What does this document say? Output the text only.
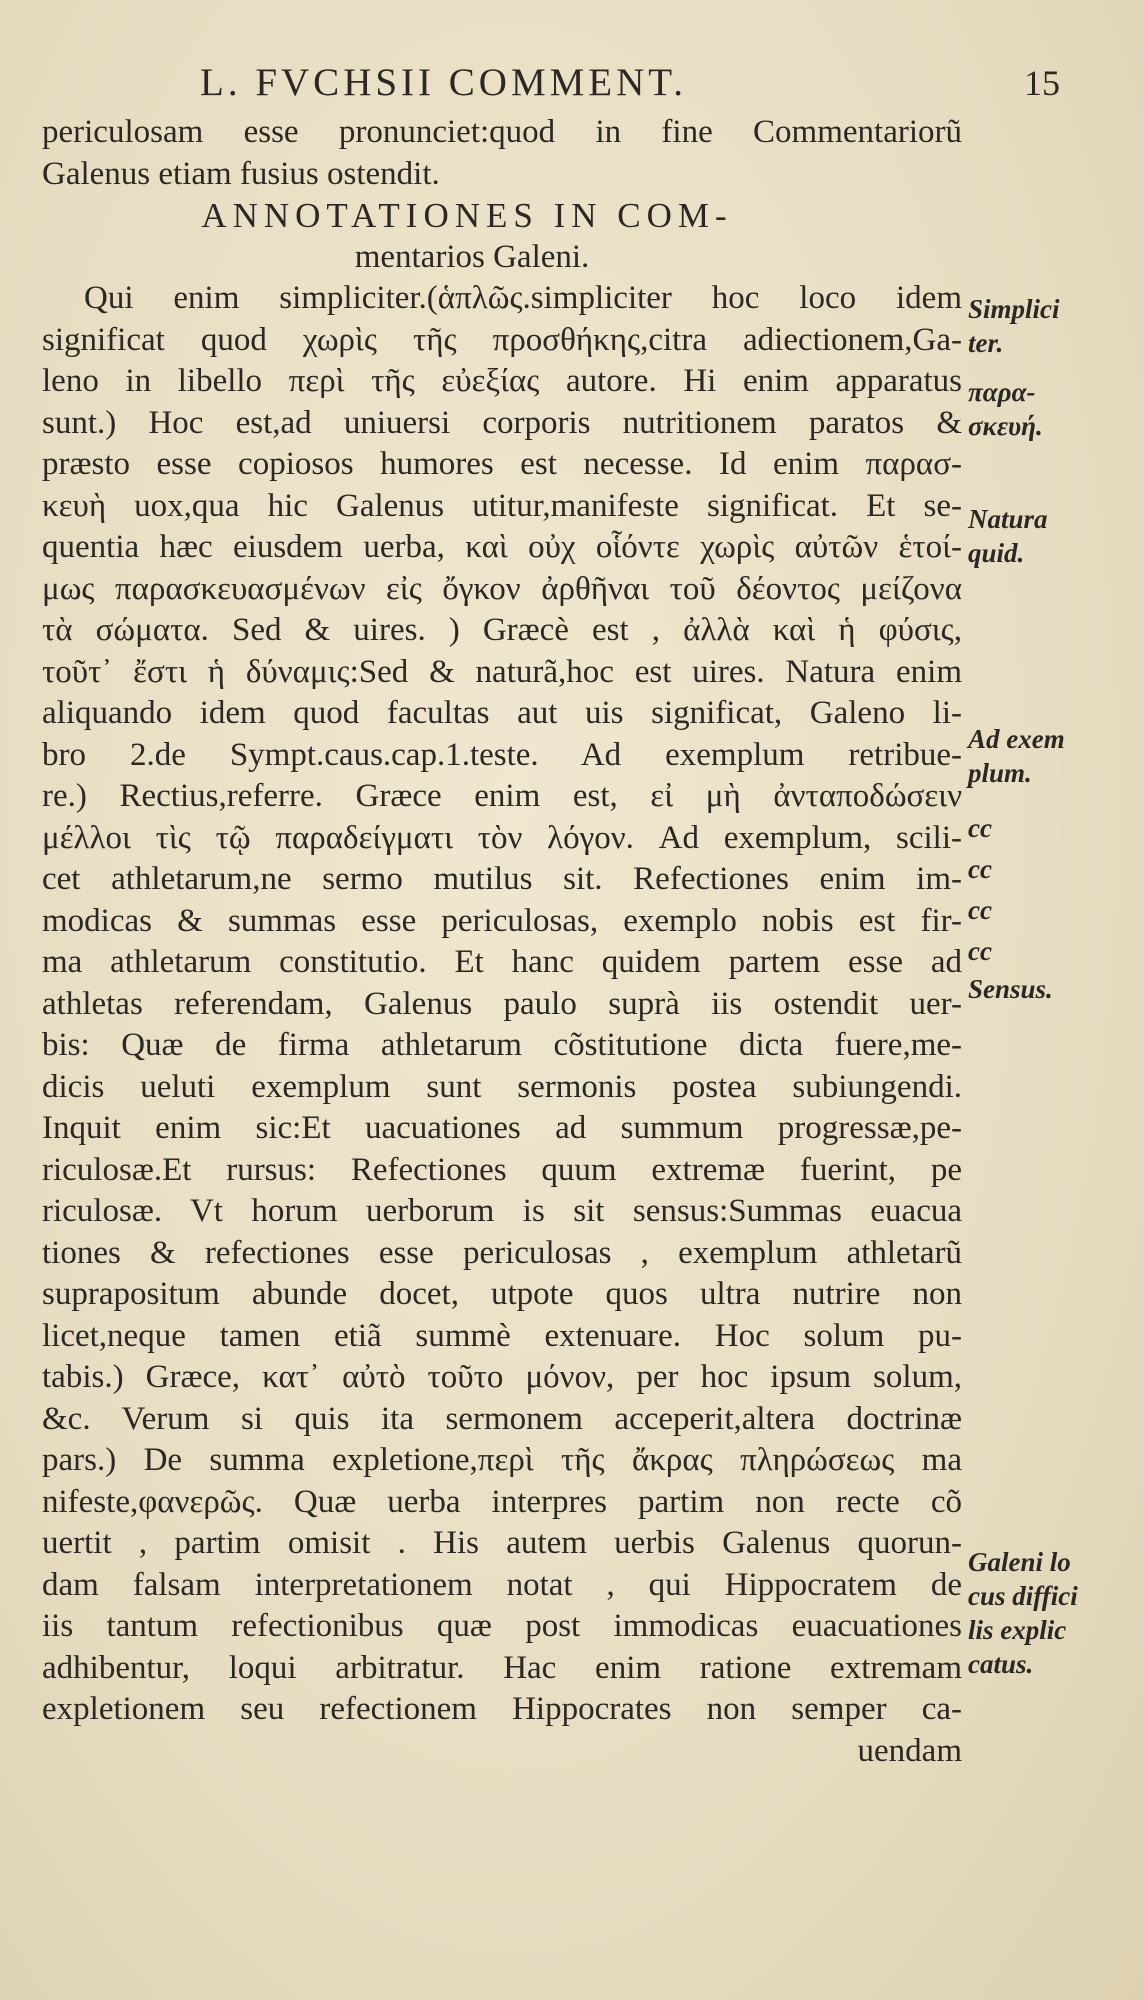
L. FVCHSII COMMENT.	15
periculosam esse pronunciet:quod in fine Commentariorũ
Galenus etiam fusius ostendit.
ANNOTATIONES IN COM-
mentarios Galeni.
Qui enim simpliciter.(ἁπλῶς.simpliciter hoc loco idem
significat quod χωρὶς τῆς προσθήκης,citra adiectionem,Ga-
leno in libello περὶ τῆς εὐεξίας autore. Hi enim apparatus
sunt.) Hoc est,ad uniuersi corporis nutritionem paratos &
præsto esse copiosos humores est necesse. Id enim παρασ-
κευὴ uox,qua hic Galenus utitur,manifeste significat. Et se-
quentia hæc eiusdem uerba, καὶ οὐχ οἷόντε χωρὶς αὐτῶν ἑτοί-
μως παρασκευασμένων εἰς ὄγκον ἀρθῆναι τοῦ δέοντος μείζονα
τὰ σώματα. Sed & uires. ) Græcè est , ἀλλὰ καὶ ἡ φύσις,
τοῦτ᾿ ἔστι ἡ δύναμις:Sed & naturã,hoc est uires. Natura enim
aliquando idem quod facultas aut uis significat, Galeno li-
bro 2.de Sympt.caus.cap.1.teste. Ad exemplum retribue-
re.) Rectius,referre. Græce enim est, εἰ μὴ ἀνταποδώσειν
μέλλοι τὶς τῷ παραδείγματι τὸν λόγον. Ad exemplum, scili-
cet athletarum,ne sermo mutilus sit. Refectiones enim im-
modicas & summas esse periculosas, exemplo nobis est fir-
ma athletarum constitutio. Et hanc quidem partem esse ad
athletas referendam, Galenus paulo suprà iis ostendit uer-
bis: Quæ de firma athletarum cõstitutione dicta fuere,me-
dicis ueluti exemplum sunt sermonis postea subiungendi.
Inquit enim sic:Et uacuationes ad summum progressæ,pe-
riculosæ.Et rursus: Refectiones quum extremæ fuerint, pe
riculosæ. Vt horum uerborum is sit sensus:Summas euacua
tiones & refectiones esse periculosas , exemplum athletarũ
suprapositum abunde docet, utpote quos ultra nutrire non
licet,neque tamen etiã summè extenuare. Hoc solum pu-
tabis.) Græce, κατ᾿ αὐτὸ τοῦτο μόνον, per hoc ipsum solum,
&c. Verum si quis ita sermonem acceperit,altera doctrinæ
pars.) De summa expletione,περὶ τῆς ἄκρας πληρώσεως ma
nifeste,φανερῶς. Quæ uerba interpres partim non recte cõ
uertit , partim omisit . His autem uerbis Galenus quorun-
dam falsam interpretationem notat , qui Hippocratem de
iis tantum refectionibus quæ post immodicas euacuationes
adhibentur, loqui arbitratur. Hac enim ratione extremam
expletionem seu refectionem Hippocrates non semper ca-
uendam
Simplici
ter.
παρα-
σκευή.
Natura
quid.
Ad exem
plum.
cc
cc
cc
cc
Sensus.
Galeni lo
cus diffici
lis explic
catus.
